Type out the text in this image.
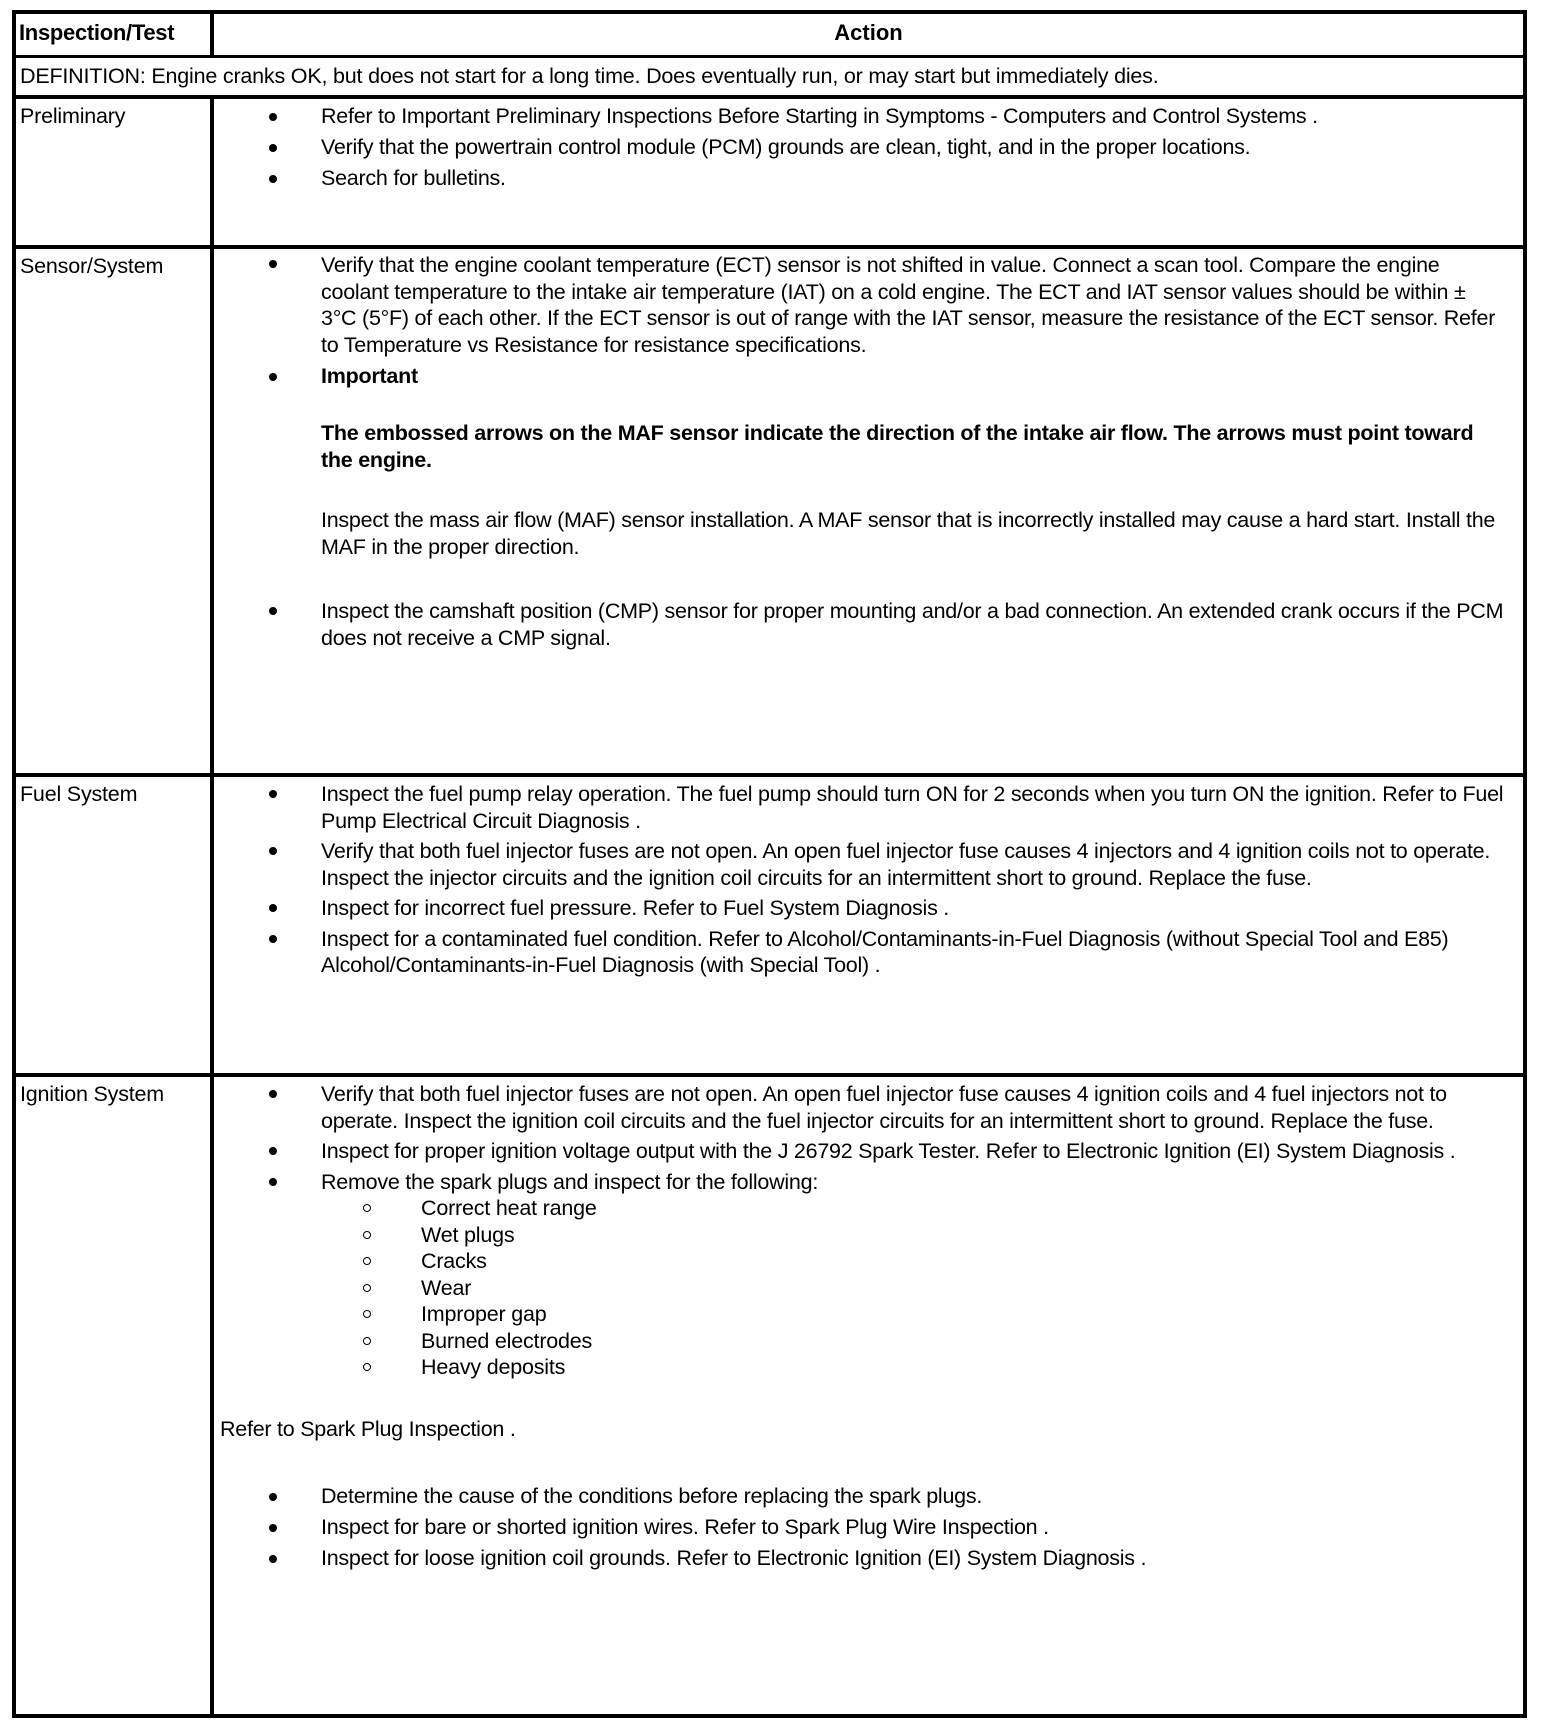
Inspection/Test	Action
DEFINITION: Engine cranks OK, but does not start for a long time. Does eventually run, or may start but immediately dies.
Preliminary	Refer to Important Preliminary Inspections Before Starting in Symptoms - Computers and Control Systems .
Verify that the powertrain control module (PCM) grounds are clean, tight, and in the proper locations.
Search for bulletins.
Sensor/System	Verify that the engine coolant temperature (ECT) sensor is not shifted in value. Connect a scan tool. Compare the engine coolant temperature to the intake air temperature (IAT) on a cold engine. The ECT and IAT sensor values should be within ± 3°C (5°F) of each other. If the ECT sensor is out of range with the IAT sensor, measure the resistance of the ECT sensor. Refer to Temperature vs Resistance for resistance specifications.
Important
The embossed arrows on the MAF sensor indicate the direction of the intake air flow. The arrows must point toward the engine.
Inspect the mass air flow (MAF) sensor installation. A MAF sensor that is incorrectly installed may cause a hard start. Install the MAF in the proper direction.
Inspect the camshaft position (CMP) sensor for proper mounting and/or a bad connection. An extended crank occurs if the PCM does not receive a CMP signal.
Fuel System	Inspect the fuel pump relay operation. The fuel pump should turn ON for 2 seconds when you turn ON the ignition. Refer to Fuel Pump Electrical Circuit Diagnosis .
Verify that both fuel injector fuses are not open. An open fuel injector fuse causes 4 injectors and 4 ignition coils not to operate. Inspect the injector circuits and the ignition coil circuits for an intermittent short to ground. Replace the fuse.
Inspect for incorrect fuel pressure. Refer to Fuel System Diagnosis .
Inspect for a contaminated fuel condition. Refer to Alcohol/Contaminants-in-Fuel Diagnosis (without Special Tool and E85) Alcohol/Contaminants-in-Fuel Diagnosis (with Special Tool) .
Ignition System	Verify that both fuel injector fuses are not open. An open fuel injector fuse causes 4 ignition coils and 4 fuel injectors not to operate. Inspect the ignition coil circuits and the fuel injector circuits for an intermittent short to ground. Replace the fuse.
Inspect for proper ignition voltage output with the J 26792 Spark Tester. Refer to Electronic Ignition (EI) System Diagnosis .
Remove the spark plugs and inspect for the following:
Correct heat range
Wet plugs
Cracks
Wear
Improper gap
Burned electrodes
Heavy deposits
Refer to Spark Plug Inspection .
Determine the cause of the conditions before replacing the spark plugs.
Inspect for bare or shorted ignition wires. Refer to Spark Plug Wire Inspection .
Inspect for loose ignition coil grounds. Refer to Electronic Ignition (EI) System Diagnosis .
